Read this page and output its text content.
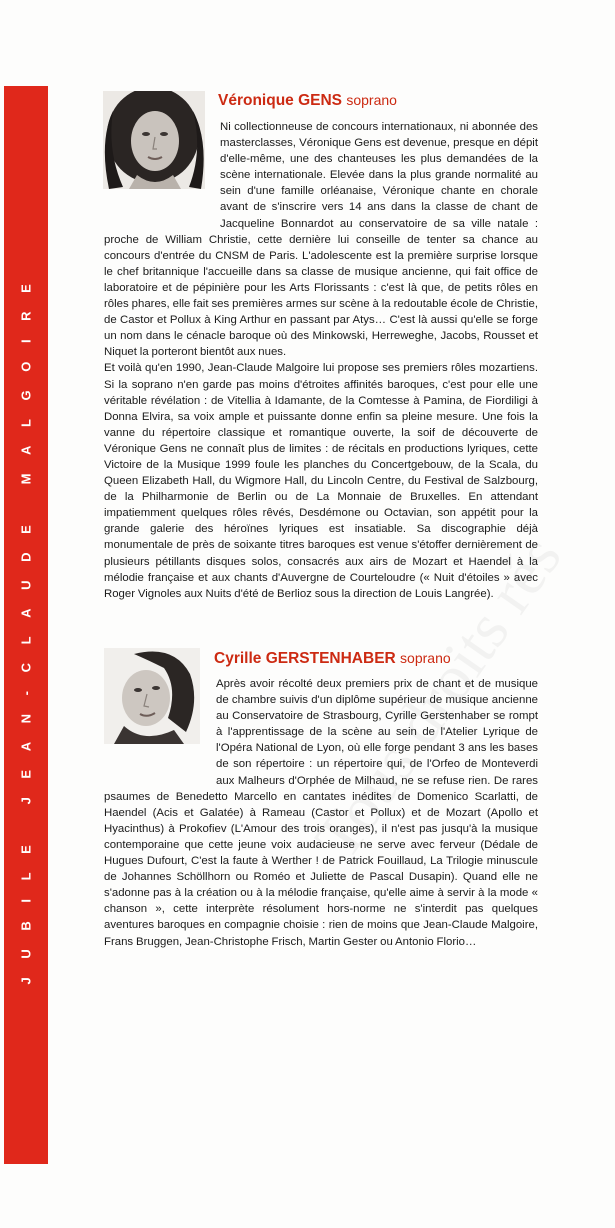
JUBILE JEAN-CLAUDE MALGOIRE
Véronique GENS soprano

Ni collectionneuse de concours internationaux, ni abonnée des masterclasses, Véronique Gens est devenue, presque en dépit d'elle-même, une des chanteuses les plus demandées de la scène internationale. Elevée dans la plus grande normalité au sein d'une famille orléanaise, Véronique chante en chorale avant de s'inscrire vers 14 ans dans la classe de chant de Jacqueline Bonnardot au conservatoire de sa ville natale : proche de William Christie, cette dernière lui conseille de tenter sa chance au concours d'entrée du CNSM de Paris. L'adolescente est la première surprise lorsque le chef britannique l'accueille dans sa classe de musique ancienne, qui fait office de laboratoire et de pépinière pour les Arts Florissants : c'est là que, de petits rôles en rôles phares, elle fait ses premières armes sur scène à la redoutable école de Christie, de Castor et Pollux à King Arthur en passant par Atys… C'est là aussi qu'elle se forge un nom dans le cénacle baroque où des Minkowski, Herreweghe, Jacobs, Rousset et Niquet la porteront bientôt aux nues.

Et voilà qu'en 1990, Jean-Claude Malgoire lui propose ses premiers rôles mozartiens. Si la soprano n'en garde pas moins d'étroites affinités baroques, c'est pour elle une véritable révélation : de Vitellia à Idamante, de la Comtesse à Pamina, de Fiordiligi à Donna Elvira, sa voix ample et puissante donne enfin sa pleine mesure. Une fois la vanne du répertoire classique et romantique ouverte, la soif de découverte de Véronique Gens ne connaît plus de limites : de récitals en productions lyriques, cette Victoire de la Musique 1999 foule les planches du Concertgebouw, de la Scala, du Queen Elizabeth Hall, du Wigmore Hall, du Lincoln Centre, du Festival de Salzbourg, de la Philharmonie de Berlin ou de La Monnaie de Bruxelles. En attendant impatiemment quelques rôles rêvés, Desdémone ou Octavian, son appétit pour la grande galerie des héroïnes lyriques est insatiable. Sa discographie déjà monumentale de près de soixante titres baroques est venue s'étoffer dernièrement de plusieurs pétillants disques solos, consacrés aux airs de Mozart et Haendel à la mélodie française et aux chants d'Auvergne de Courteloudre (« Nuit d'étoiles » avec Roger Vignoles aux Nuits d'été de Berlioz sous la direction de Louis Langrée).

Cyrille GERSTENHABER soprano

Après avoir récolté deux premiers prix de chant et de musique de chambre suivis d'un diplôme supérieur de musique ancienne au Conservatoire de Strasbourg, Cyrille Gerstenhaber se rompt à l'apprentissage de la scène au sein de l'Atelier Lyrique de l'Opéra National de Lyon, où elle forge pendant 3 ans les bases de son répertoire : un répertoire qui, de l'Orfeo de Monteverdi aux Malheurs d'Orphée de Milhaud, ne se refuse rien. De rares psaumes de Benedetto Marcello en cantates inédites de Domenico Scarlatti, de Haendel (Acis et Galatée) à Rameau (Castor et Pollux) et de Mozart (Apollo et Hyacinthus) à Prokofiev (L'Amour des trois oranges), il n'est pas jusqu'à la musique contemporaine que cette jeune voix audacieuse ne serve avec ferveur (Dédale de Hugues Dufourt, C'est la faute à Werther ! de Patrick Fouillaud, La Trilogie minuscule de Johannes Schöllhorn ou Roméo et Juliette de Pascal Dusapin). Quand elle ne s'adonne pas à la création ou à la mélodie française, qu'elle aime à servir à la mode « chanson », cette interprète résolument hors-norme ne s'interdit pas quelques aventures baroques en compagnie choisie : rien de moins que Jean-Claude Malgoire, Frans Bruggen, Jean-Christophe Frisch, Martin Gester ou Antonio Florio…
